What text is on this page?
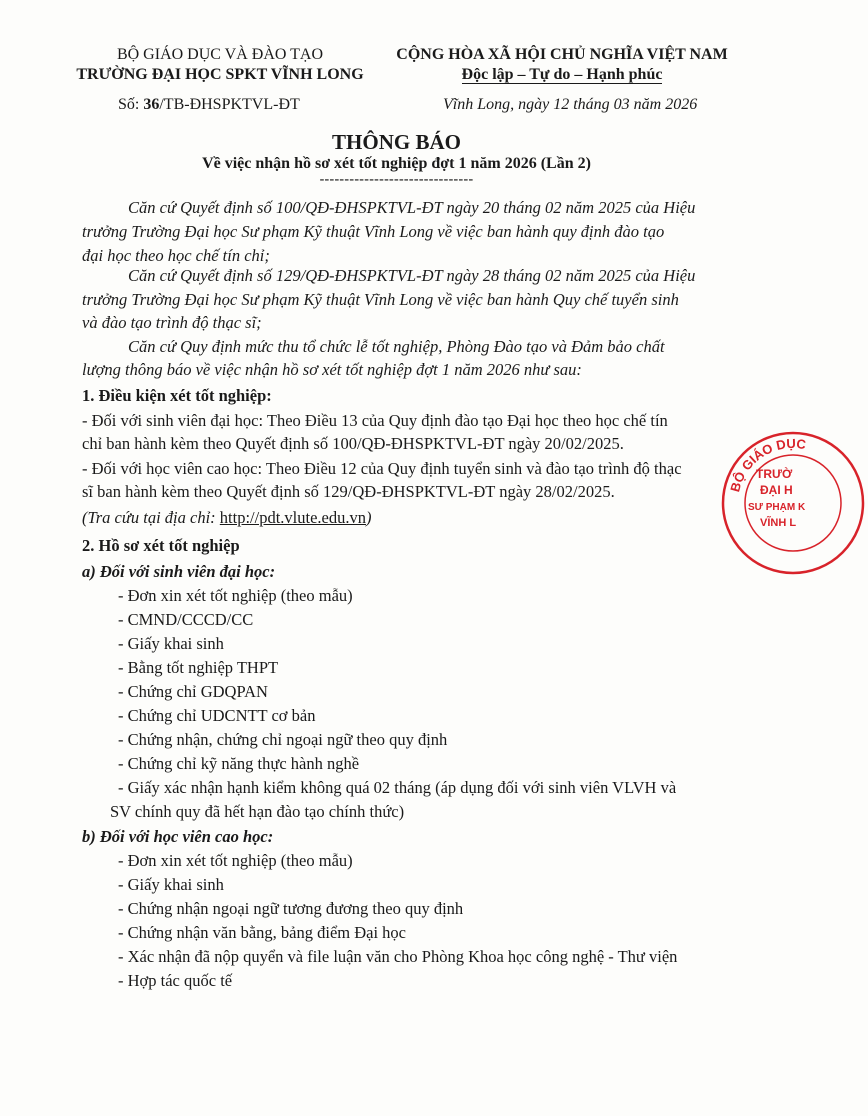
BỘ GIÁO DỤC VÀ ĐÀO TẠO
TRƯỜNG ĐẠI HỌC SPKT VĨNH LONG
Số: 36/TB-ĐHSPKTVL-ĐT
CỘNG HÒA XÃ HỘI CHỦ NGHĨA VIỆT NAM
Độc lập – Tự do – Hạnh phúc
Vĩnh Long, ngày 12 tháng 03 năm 2026
THÔNG BÁO
Về việc nhận hồ sơ xét tốt nghiệp đợt 1 năm 2026 (Lần 2)
-------------------------------
Căn cứ Quyết định số 100/QĐ-ĐHSPKTVL-ĐT ngày 20 tháng 02 năm 2025 của Hiệu
trưởng Trường Đại học Sư phạm Kỹ thuật Vĩnh Long về việc ban hành quy định đào tạo
đại học theo học chế tín chỉ;
Căn cứ Quyết định số 129/QĐ-ĐHSPKTVL-ĐT ngày 28 tháng 02 năm 2025 của Hiệu
trưởng Trường Đại học Sư phạm Kỹ thuật Vĩnh Long về việc ban hành Quy chế tuyển sinh
và đào tạo trình độ thạc sĩ;
Căn cứ Quy định mức thu tổ chức lễ tốt nghiệp, Phòng Đào tạo và Đảm bảo chất
lượng thông báo về việc nhận hồ sơ xét tốt nghiệp đợt 1 năm 2026 như sau:
1. Điều kiện xét tốt nghiệp:
- Đối với sinh viên đại học: Theo Điều 13 của Quy định đào tạo Đại học theo học chế tín
chỉ ban hành kèm theo Quyết định số 100/QĐ-ĐHSPKTVL-ĐT ngày 20/02/2025.
- Đối với học viên cao học: Theo Điều 12 của Quy định tuyển sinh và đào tạo trình độ thạc
sĩ ban hành kèm theo Quyết định số 129/QĐ-ĐHSPKTVL-ĐT ngày 28/02/2025.
(Tra cứu tại địa chỉ: http://pdt.vlute.edu.vn)
2. Hồ sơ xét tốt nghiệp
a) Đối với sinh viên đại học:
- Đơn xin xét tốt nghiệp (theo mẫu)
- CMND/CCCD/CC
- Giấy khai sinh
- Bằng tốt nghiệp THPT
- Chứng chỉ GDQPAN
- Chứng chỉ UDCNTT cơ bản
- Chứng nhận, chứng chỉ ngoại ngữ theo quy định
- Chứng chỉ kỹ năng thực hành nghề
- Giấy xác nhận hạnh kiểm không quá 02 tháng (áp dụng đối với sinh viên VLVH và
SV chính quy đã hết hạn đào tạo chính thức)
b) Đối với học viên cao học:
- Đơn xin xét tốt nghiệp (theo mẫu)
- Giấy khai sinh
- Chứng nhận ngoại ngữ tương đương theo quy định
- Chứng nhận văn bằng, bảng điểm Đại học
- Xác nhận đã nộp quyển và file luận văn cho Phòng Khoa học công nghệ - Thư viện
- Hợp tác quốc tế
BỘ GIÁO DỤC
TRƯỜ
ĐẠI H
SƯ PHẠM K
VĨNH L
